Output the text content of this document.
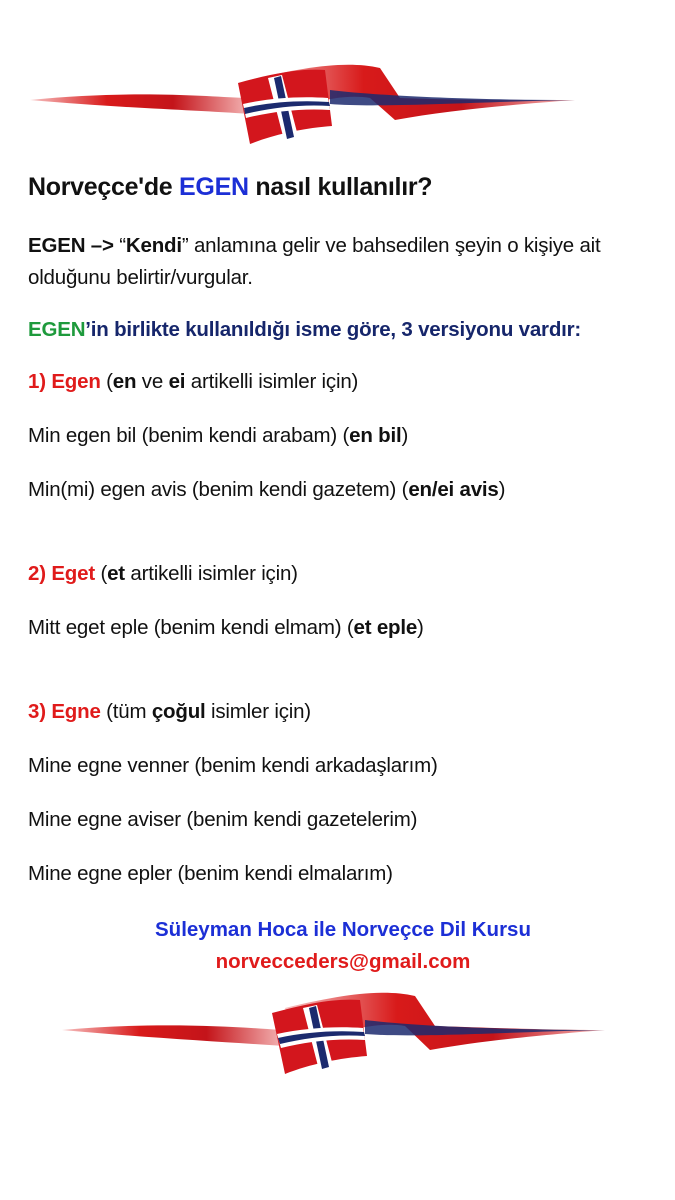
Norveçce'de EGEN nasıl kullanılır?

EGEN –> “Kendi” anlamına gelir ve bahsedilen şeyin o kişiye ait olduğunu belirtir/vurgular.

EGEN’in birlikte kullanıldığı isme göre, 3 versiyonu vardır:

1) Egen (en ve ei artikelli isimler için)

Min egen bil (benim kendi arabam) (en bil)

Min(mi) egen avis (benim kendi gazetem) (en/ei avis)

2) Eget (et artikelli isimler için)

Mitt eget eple (benim kendi elmam) (et eple)

3) Egne (tüm çoğul isimler için)

Mine egne venner (benim kendi arkadaşlarım)

Mine egne aviser (benim kendi gazetelerim)

Mine egne epler (benim kendi elmalarım)

Süleyman Hoca ile Norveçce Dil Kursu

norvecceders@gmail.com
